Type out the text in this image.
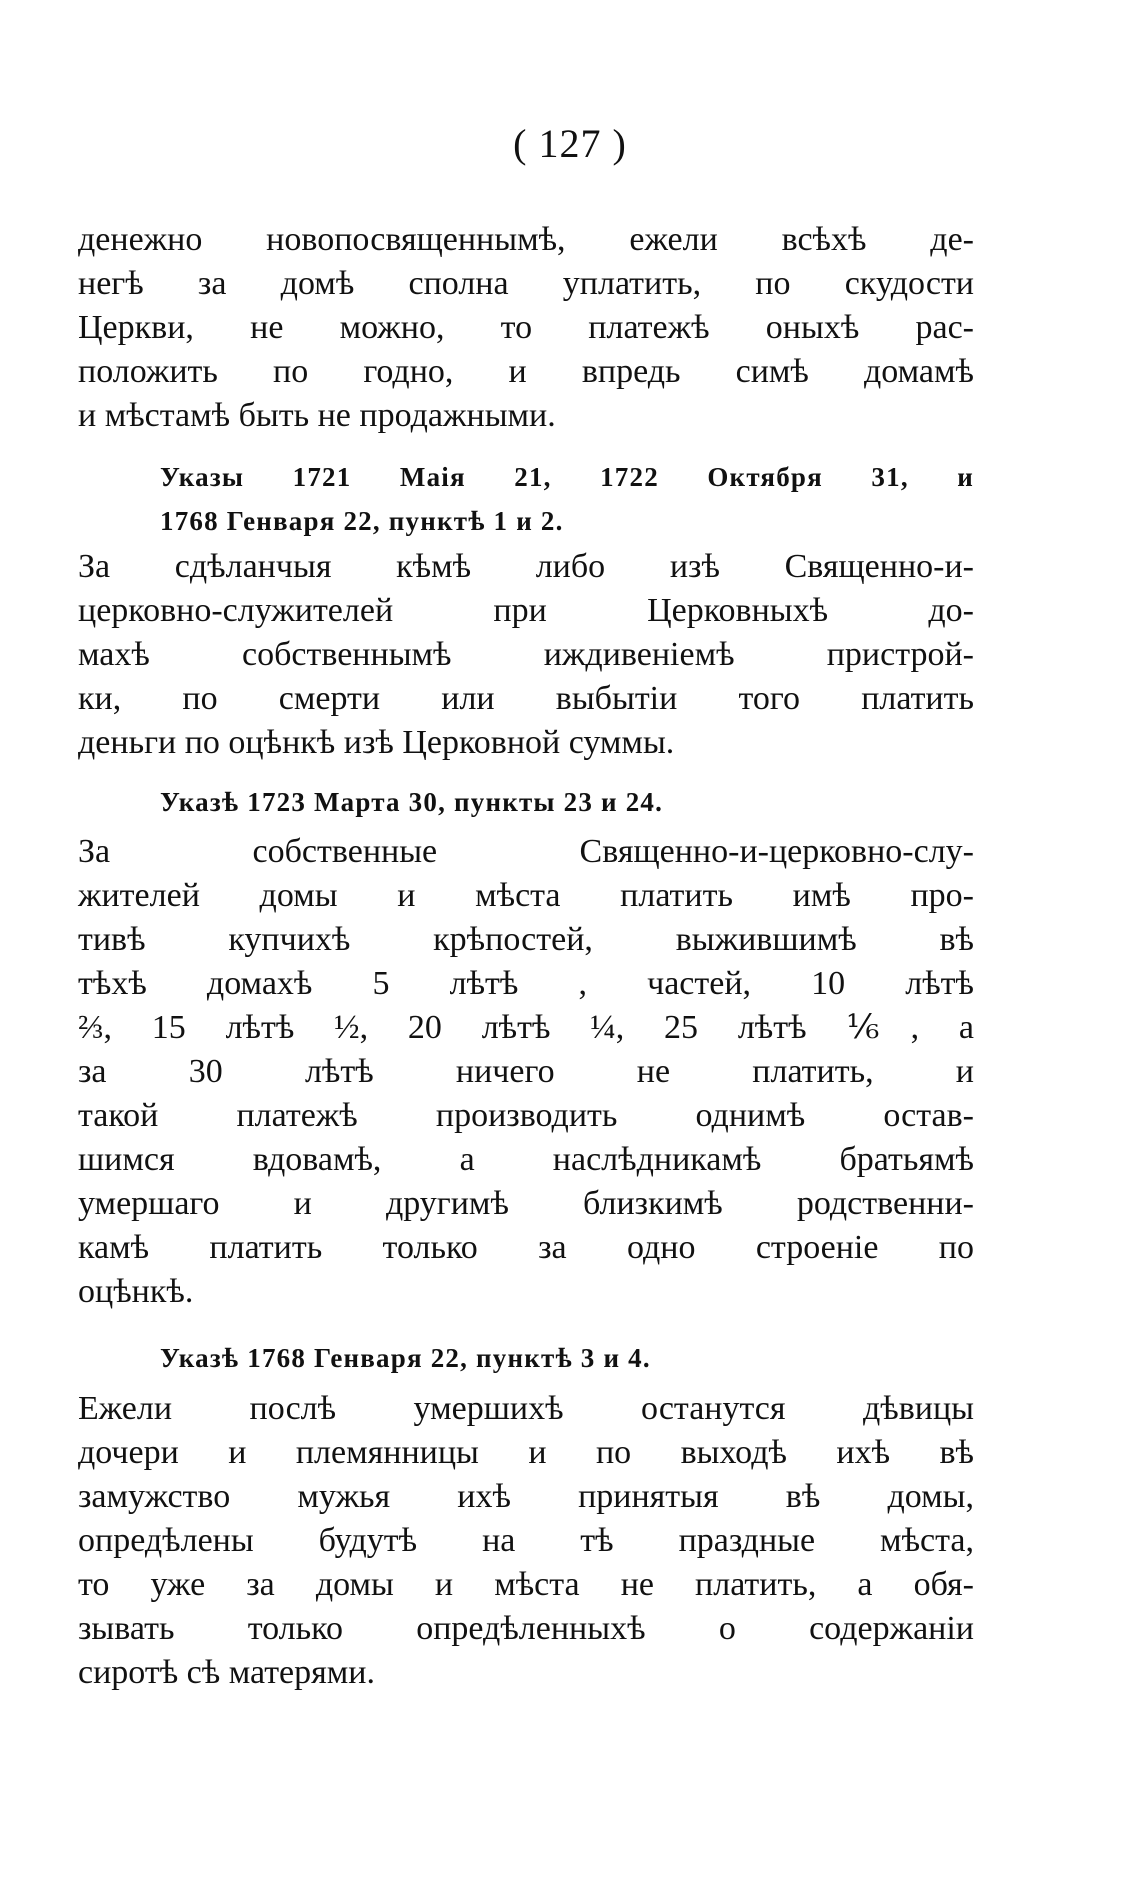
( 127 )
денежно новопосвященнымѣ, ежели всѣхѣ де-
негѣ за домѣ сполна уплатить, по скудости
Церкви, не можно, то платежѣ оныхѣ рас-
положить по годно, и впредь симѣ домамѣ
и мѣстамѣ быть не продажными.
Указы 1721 Маія 21, 1722 Октября 31, и
1768 Генваря 22, пунктѣ 1 и 2.
За сдѣланчыя кѣмѣ либо изѣ Священно-и-
церковно-служителей при Церковныхѣ до-
махѣ собственнымѣ иждивеніемѣ пристрой-
ки, по смерти или выбытіи того платить
деньги по оцѣнкѣ изѣ Церковной суммы.
Указѣ 1723 Марта 30, пункты 23 и 24.
За собственные Священно-и-церковно-слу-
жителей домы и мѣста платить имѣ про-
тивѣ купчихѣ крѣпостей, выжившимѣ вѣ
тѣхѣ домахѣ 5 лѣтѣ , частей, 10 лѣтѣ
⅔, 15 лѣтѣ ½, 20 лѣтѣ ¼, 25 лѣтѣ ⅙, а
за 30 лѣтѣ ничего не платить, и
такой платежѣ производить однимѣ остав-
шимся вдовамѣ, а наслѣдникамѣ братьямѣ
умершаго и другимѣ близкимѣ родственни-
камѣ платить только за одно строеніе по
оцѣнкѣ.
Указѣ 1768 Генваря 22, пунктѣ 3 и 4.
Ежели послѣ умершихѣ останутся дѣвицы
дочери и племянницы и по выходѣ ихѣ вѣ
замужство мужья ихѣ принятыя вѣ домы,
опредѣлены будутѣ на тѣ праздные мѣста,
то уже за домы и мѣста не платить, а обя-
зывать только опредѣленныхѣ о содержаніи
сиротѣ сѣ матерями.
